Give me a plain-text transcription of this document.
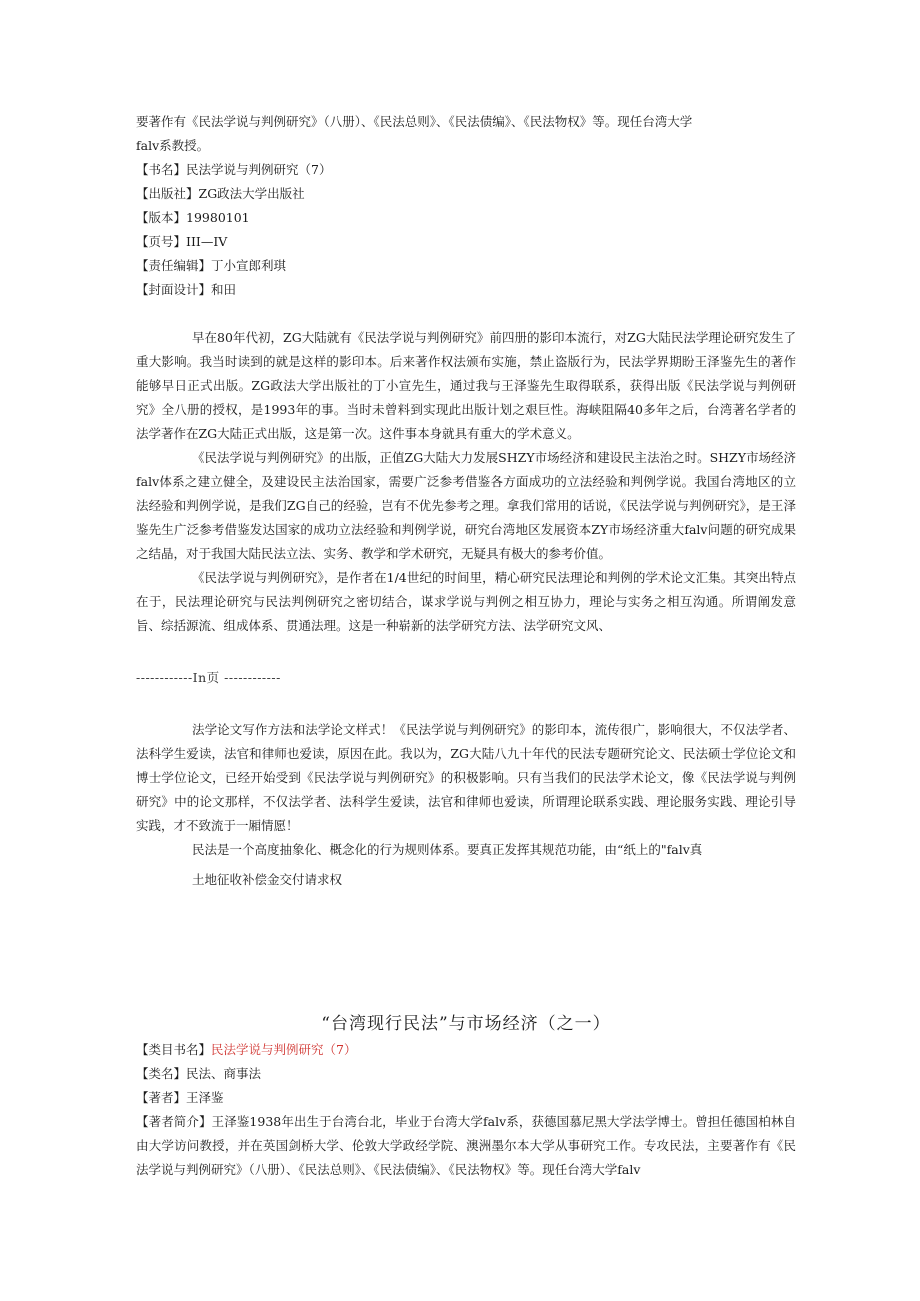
要著作有《民法学说与判例研究》（八册）、《民法总则》、《民法债编》、《民法物权》等。现任台湾大学

falv系教授。

【书名】民法学说与判例研究（7）

【出版社】ZG政法大学出版社

【版本】19980101

【页号】III—IV

【责任编辑】丁小宣郎利琪

【封面设计】和田

早在80年代初，ZG大陆就有《民法学说与判例研究》前四册的影印本流行，对ZG大陆民法学理论研究发生了重大影响。我当时读到的就是这样的影印本。后来著作权法颁布实施，禁止盗版行为，民法学界期盼王泽鉴先生的著作能够早日正式出版。ZG政法大学出版社的丁小宣先生，通过我与王泽鉴先生取得联系，获得出版《民法学说与判例研究》全八册的授权，是1993年的事。当时未曾料到实现此出版计划之艰巨性。海峡阻隔40多年之后，台湾著名学者的法学著作在ZG大陆正式出版，这是第一次。这件事本身就具有重大的学术意义。

《民法学说与判例研究》的出版，正值ZG大陆大力发展SHZY市场经济和建设民主法治之时。SHZY市场经济falv体系之建立健全，及建设民主法治国家，需要广泛参考借鉴各方面成功的立法经验和判例学说。我国台湾地区的立法经验和判例学说，是我们ZG自己的经验，岂有不优先参考之理。拿我们常用的话说，《民法学说与判例研究》，是王泽鉴先生广泛参考借鉴发达国家的成功立法经验和判例学说，研究台湾地区发展资本ZY市场经济重大falv问题的研究成果之结晶，对于我国大陆民法立法、实务、教学和学术研究，无疑具有极大的参考价值。

《民法学说与判例研究》，是作者在1/4世纪的时间里，精心研究民法理论和判例的学术论文汇集。其突出特点在于，民法理论研究与民法判例研究之密切结合，谋求学说与判例之相互协力，理论与实务之相互沟通。所谓阐发意旨、综括源流、组成体系、贯通法理。这是一种崭新的法学研究方法、法学研究文风、

------------In页 ------------

法学论文写作方法和法学论文样式！《民法学说与判例研究》的影印本，流传很广，影响很大，不仅法学者、法科学生爱读，法官和律师也爱读，原因在此。我以为，ZG大陆八九十年代的民法专题研究论文、民法硕士学位论文和博士学位论文，已经开始受到《民法学说与判例研究》的积极影响。只有当我们的民法学术论文，像《民法学说与判例研究》中的论文那样，不仅法学者、法科学生爱读，法官和律师也爱读，所谓理论联系实践、理论服务实践、理论引导实践，才不致流于一厢情愿！

民法是一个高度抽象化、概念化的行为规则体系。要真正发挥其规范功能，由“纸上的"falv真

土地征收补偿金交付请求权

“台湾现行民法”与市场经济（之一）

【类目书名】民法学说与判例研究（7）

【类名】民法、商事法

【著者】王泽鉴

【著者简介】王泽鉴1938年出生于台湾台北，毕业于台湾大学falv系，获德国慕尼黑大学法学博士。曾担任德国柏林自由大学访问教授，并在英国剑桥大学、伦敦大学政经学院、澳洲墨尔本大学从事研究工作。专攻民法，主要著作有《民法学说与判例研究》（八册）、《民法总则》、《民法债编》、《民法物权》等。现任台湾大学falv
